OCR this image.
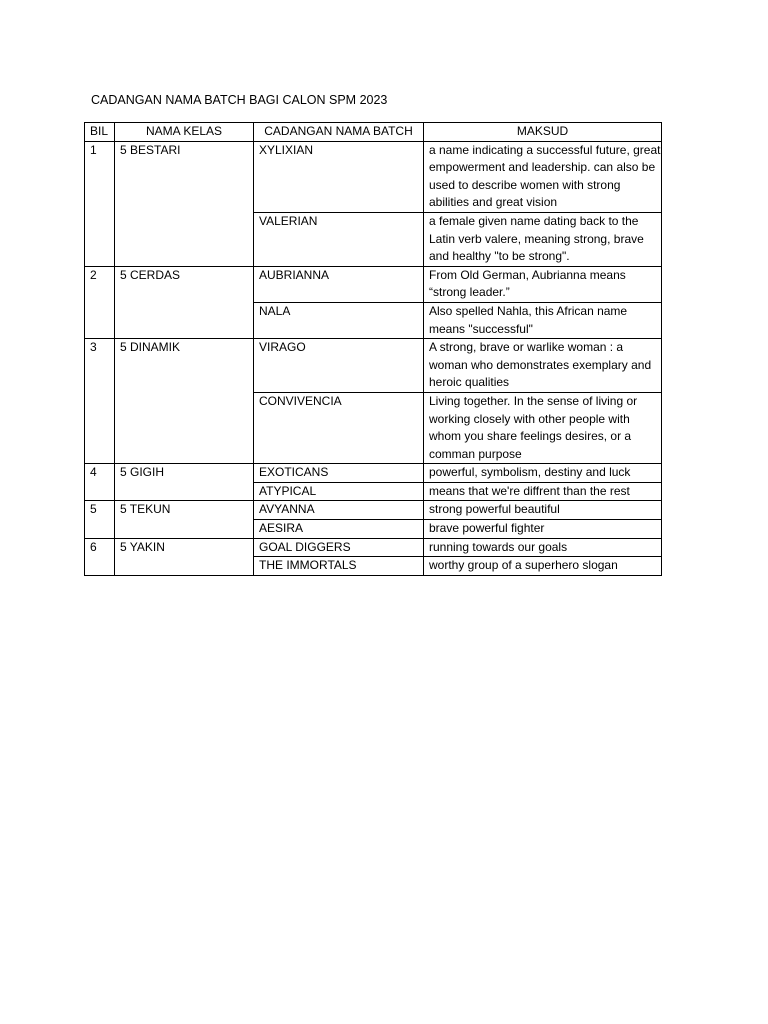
CADANGAN NAMA BATCH BAGI CALON SPM 2023
BIL	NAMA KELAS	CADANGAN NAMA BATCH	MAKSUD
1	5 BESTARI	XYLIXIAN	a name indicating a successful future, great empowerment and leadership. can also be used to describe women with strong abilities and great vision
		VALERIAN	a female given name dating back to the Latin verb valere, meaning strong, brave and healthy "to be strong".
2	5 CERDAS	AUBRIANNA	From Old German, Aubrianna means “strong leader.”
		NALA	Also spelled Nahla, this African name means "successful"
3	5 DINAMIK	VIRAGO	A strong, brave or warlike woman : a woman who demonstrates exemplary and heroic qualities
		CONVIVENCIA	Living together. In the sense of living or working closely with other people with whom you share feelings desires, or a comman purpose
4	5 GIGIH	EXOTICANS	powerful, symbolism, destiny and luck
		ATYPICAL	means that we're diffrent than the rest
5	5 TEKUN	AVYANNA	strong powerful beautiful
		AESIRA	brave powerful fighter
6	5 YAKIN	GOAL DIGGERS	running towards our goals
		THE IMMORTALS	worthy group of a superhero slogan
